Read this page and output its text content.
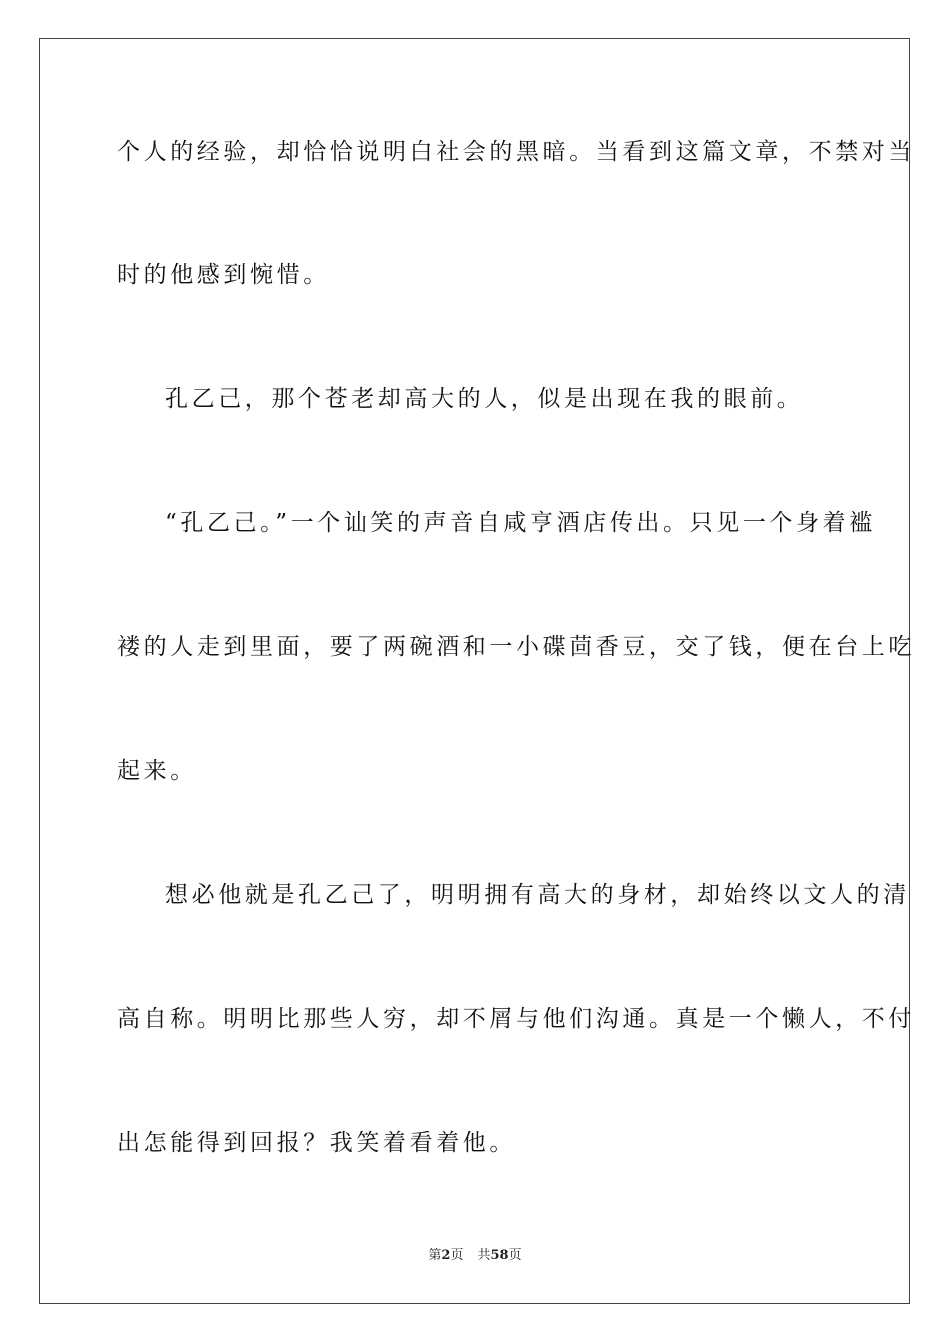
个人的经验，却恰恰说明白社会的黑暗。当看到这篇文章，不禁对当
时的他感到惋惜。
孔乙己，那个苍老却高大的人，似是出现在我的眼前。
“孔乙己。”一个讪笑的声音自咸亨酒店传出。只见一个身着褴
褛的人走到里面，要了两碗酒和一小碟茴香豆，交了钱，便在台上吃
起来。
想必他就是孔乙己了，明明拥有高大的身材，却始终以文人的清
高自称。明明比那些人穷，却不屑与他们沟通。真是一个懒人，不付
出怎能得到回报？我笑着看着他。
第2页 共58页
